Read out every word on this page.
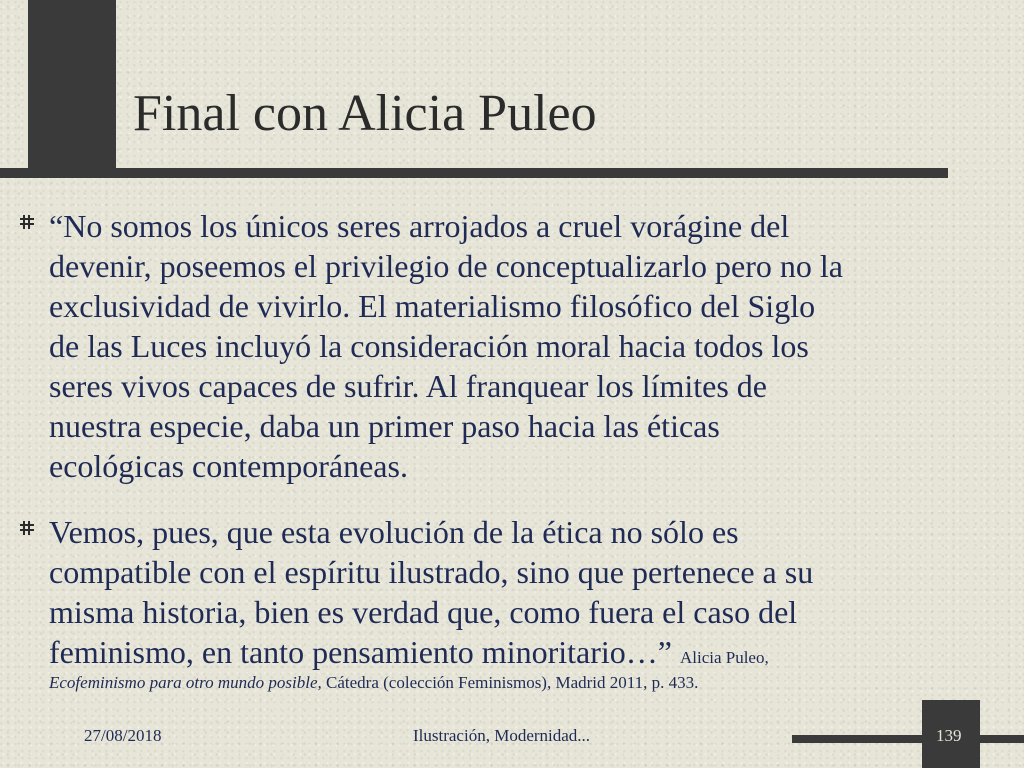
Final con Alicia Puleo
“No somos los únicos seres arrojados a cruel vorágine del
devenir, poseemos el privilegio de conceptualizarlo pero no la
exclusividad de vivirlo. El materialismo filosófico del Siglo
de las Luces incluyó la consideración moral hacia todos los
seres vivos capaces de sufrir. Al franquear los límites de
nuestra especie, daba un primer paso hacia las éticas
ecológicas contemporáneas.
Vemos, pues, que esta evolución de la ética no sólo es
compatible con el espíritu ilustrado, sino que pertenece a su
misma historia, bien es verdad que, como fuera el caso del
feminismo, en tanto pensamiento minoritario…” Alicia Puleo,
Ecofeminismo para otro mundo posible, Cátedra (colección Feminismos), Madrid 2011, p. 433.
27/08/2018	Ilustración, Modernidad...	139
